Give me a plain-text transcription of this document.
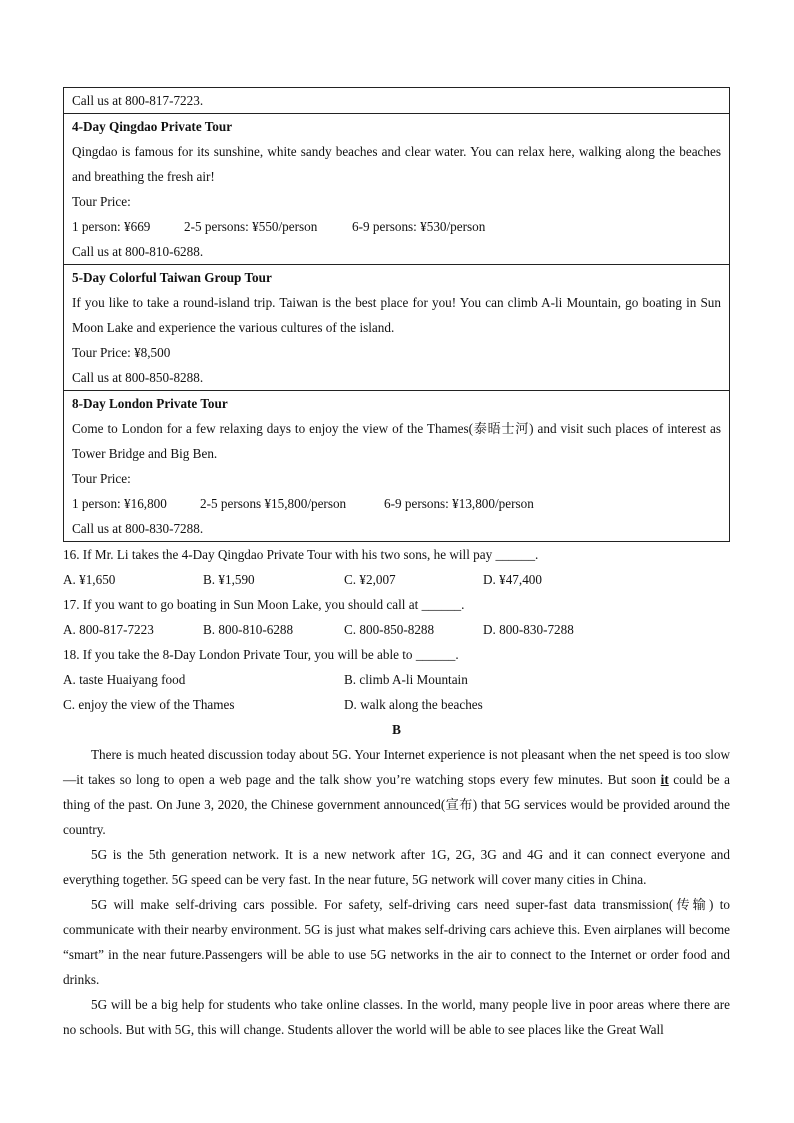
Call us at 800-817-7223.
4-Day Qingdao Private Tour
Qingdao is famous for its sunshine, white sandy beaches and clear water. You can relax here, walking along the beaches and breathing the fresh air!
Tour Price:
1 person: ¥669	2-5 persons: ¥550/person	6-9 persons: ¥530/person
Call us at 800-810-6288.
5-Day Colorful Taiwan Group Tour
If you like to take a round-island trip. Taiwan is the best place for you! You can climb A-li Mountain, go boating in Sun Moon Lake and experience the various cultures of the island.
Tour Price: ¥8,500
Call us at 800-850-8288.
8-Day London Private Tour
Come to London for a few relaxing days to enjoy the view of the Thames(泰晤士河) and visit such places of interest as Tower Bridge and Big Ben.
Tour Price:
1 person: ¥16,800	2-5 persons ¥15,800/person	6-9 persons: ¥13,800/person
Call us at 800-830-7288.
16. If Mr. Li takes the 4-Day Qingdao Private Tour with his two sons, he will pay ______.
A. ¥1,650	B. ¥1,590	C. ¥2,007	D. ¥47,400
17. If you want to go boating in Sun Moon Lake, you should call at ______.
A. 800-817-7223	B. 800-810-6288	C. 800-850-8288	D. 800-830-7288
18. If you take the 8-Day London Private Tour, you will be able to ______.
A. taste Huaiyang food	B. climb A-li Mountain
C. enjoy the view of the Thames	D. walk along the beaches
B
There is much heated discussion today about 5G. Your Internet experience is not pleasant when the net speed is too slow—it takes so long to open a web page and the talk show you’re watching stops every few minutes. But soon it could be a thing of the past. On June 3, 2020, the Chinese government announced(宣布) that 5G services would be provided around the country.
5G is the 5th generation network. It is a new network after 1G, 2G, 3G and 4G and it can connect everyone and everything together. 5G speed can be very fast. In the near future, 5G network will cover many cities in China.
5G will make self-driving cars possible. For safety, self-driving cars need super-fast data transmission(传输) to communicate with their nearby environment. 5G is just what makes self-driving cars achieve this. Even airplanes will become “smart” in the near future.Passengers will be able to use 5G networks in the air to connect to the Internet or order food and drinks.
5G will be a big help for students who take online classes. In the world, many people live in poor areas where there are no schools. But with 5G, this will change. Students allover the world will be able to see places like the Great Wall
